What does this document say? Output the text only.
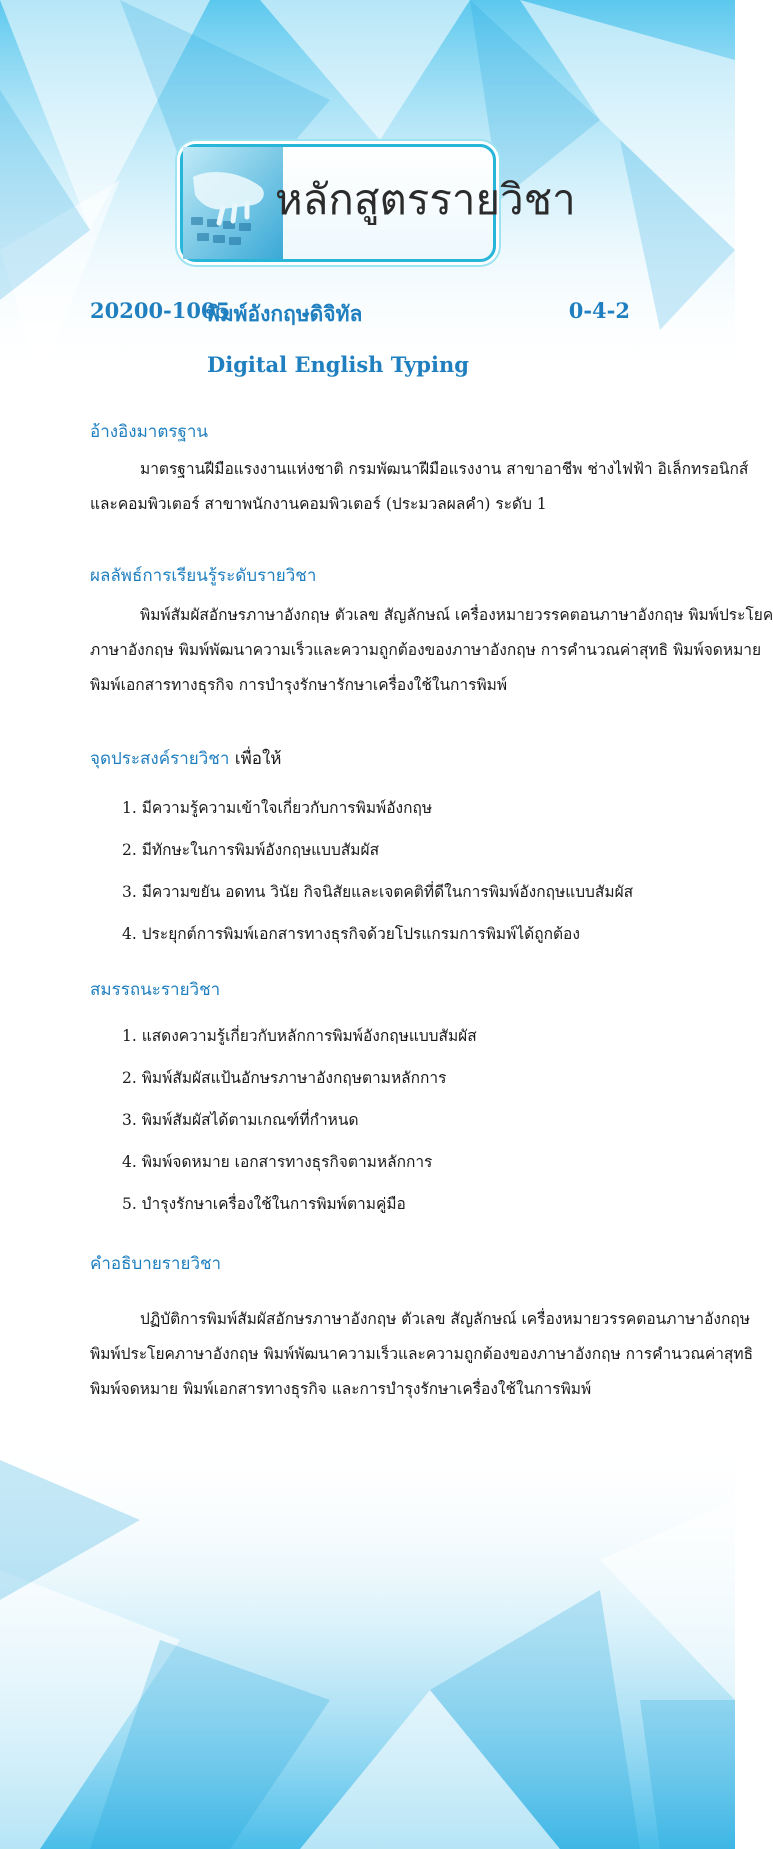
หลักสูตรรายวิชา
20200-1005
พิมพ์อังกฤษดิจิทัล	0-4-2
Digital English Typing
อ้างอิงมาตรฐาน
มาตรฐานฝีมือแรงงานแห่งชาติ กรมพัฒนาฝีมือแรงงาน สาขาอาชีพ ช่างไฟฟ้า อิเล็กทรอนิกส์
และคอมพิวเตอร์ สาขาพนักงานคอมพิวเตอร์ (ประมวลผลคำ) ระดับ 1
ผลลัพธ์การเรียนรู้ระดับรายวิชา
พิมพ์สัมผัสอักษรภาษาอังกฤษ ตัวเลข สัญลักษณ์ เครื่องหมายวรรคตอนภาษาอังกฤษ พิมพ์ประโยค
ภาษาอังกฤษ พิมพ์พัฒนาความเร็วและความถูกต้องของภาษาอังกฤษ การคำนวณค่าสุทธิ พิมพ์จดหมาย
พิมพ์เอกสารทางธุรกิจ การบำรุงรักษารักษาเครื่องใช้ในการพิมพ์
จุดประสงค์รายวิชา เพื่อให้
1. มีความรู้ความเข้าใจเกี่ยวกับการพิมพ์อังกฤษ
2. มีทักษะในการพิมพ์อังกฤษแบบสัมผัส
3. มีความขยัน อดทน วินัย กิจนิสัยและเจตคติที่ดีในการพิมพ์อังกฤษแบบสัมผัส
4. ประยุกต์การพิมพ์เอกสารทางธุรกิจด้วยโปรแกรมการพิมพ์ได้ถูกต้อง
สมรรถนะรายวิชา
1. แสดงความรู้เกี่ยวกับหลักการพิมพ์อังกฤษแบบสัมผัส
2. พิมพ์สัมผัสแป้นอักษรภาษาอังกฤษตามหลักการ
3. พิมพ์สัมผัสได้ตามเกณฑ์ที่กำหนด
4. พิมพ์จดหมาย เอกสารทางธุรกิจตามหลักการ
5. บำรุงรักษาเครื่องใช้ในการพิมพ์ตามคู่มือ
คำอธิบายรายวิชา
ปฏิบัติการพิมพ์สัมผัสอักษรภาษาอังกฤษ ตัวเลข สัญลักษณ์ เครื่องหมายวรรคตอนภาษาอังกฤษ
พิมพ์ประโยคภาษาอังกฤษ พิมพ์พัฒนาความเร็วและความถูกต้องของภาษาอังกฤษ การคำนวณค่าสุทธิ
พิมพ์จดหมาย พิมพ์เอกสารทางธุรกิจ และการบำรุงรักษาเครื่องใช้ในการพิมพ์
